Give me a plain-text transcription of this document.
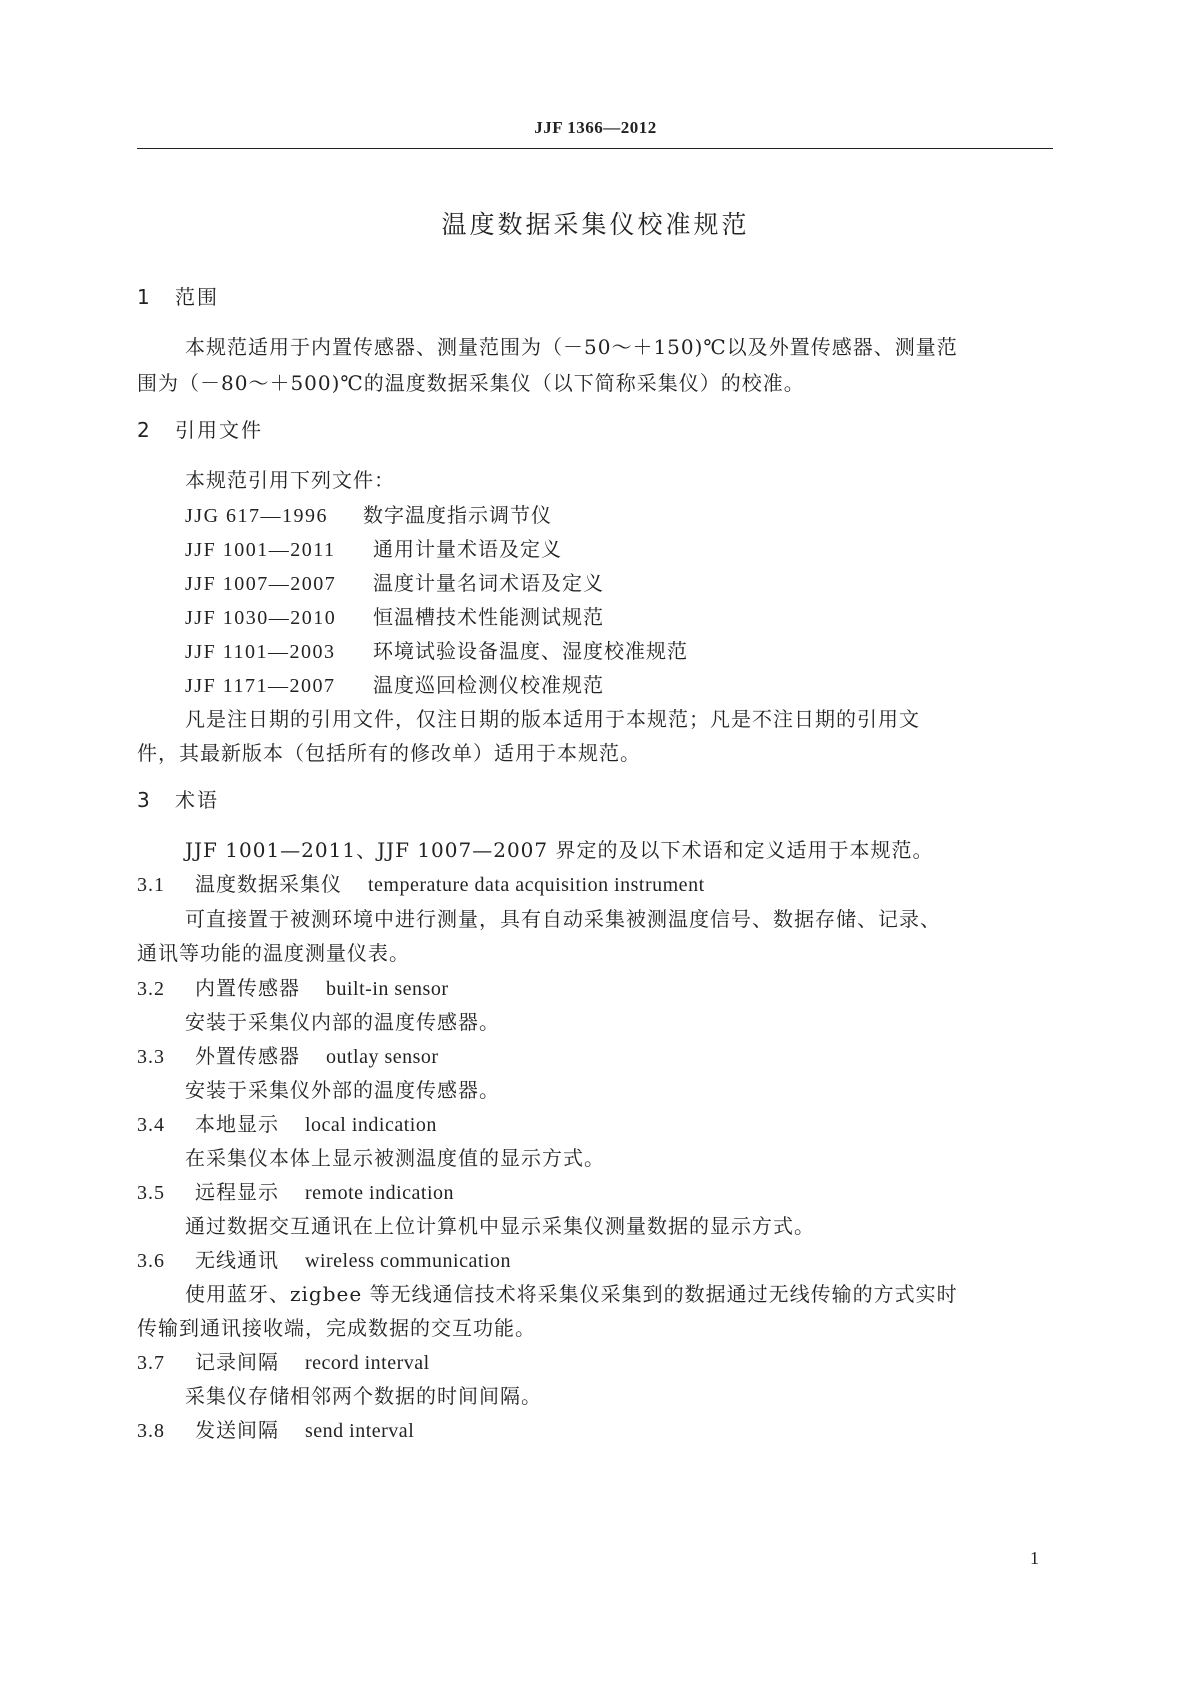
JJF 1366—2012
温度数据采集仪校准规范
1 范围
本规范适用于内置传感器、测量范围为（－50～＋150)℃以及外置传感器、测量范
围为（－80～＋500)℃的温度数据采集仪（以下简称采集仪）的校准。
2 引用文件
本规范引用下列文件：
JJG 617—1996 数字温度指示调节仪
JJF 1001—2011 通用计量术语及定义
JJF 1007—2007 温度计量名词术语及定义
JJF 1030—2010 恒温槽技术性能测试规范
JJF 1101—2003 环境试验设备温度、湿度校准规范
JJF 1171—2007 温度巡回检测仪校准规范
凡是注日期的引用文件，仅注日期的版本适用于本规范；凡是不注日期的引用文
件，其最新版本（包括所有的修改单）适用于本规范。
3 术语
JJF 1001—2011、JJF 1007—2007 界定的及以下术语和定义适用于本规范。
3.1 温度数据采集仪 temperature data acquisition instrument
可直接置于被测环境中进行测量，具有自动采集被测温度信号、数据存储、记录、
通讯等功能的温度测量仪表。
3.2 内置传感器 built-in sensor
安装于采集仪内部的温度传感器。
3.3 外置传感器 outlay sensor
安装于采集仪外部的温度传感器。
3.4 本地显示 local indication
在采集仪本体上显示被测温度值的显示方式。
3.5 远程显示 remote indication
通过数据交互通讯在上位计算机中显示采集仪测量数据的显示方式。
3.6 无线通讯 wireless communication
使用蓝牙、zigbee 等无线通信技术将采集仪采集到的数据通过无线传输的方式实时
传输到通讯接收端，完成数据的交互功能。
3.7 记录间隔 record interval
采集仪存储相邻两个数据的时间间隔。
3.8 发送间隔 send interval
1
